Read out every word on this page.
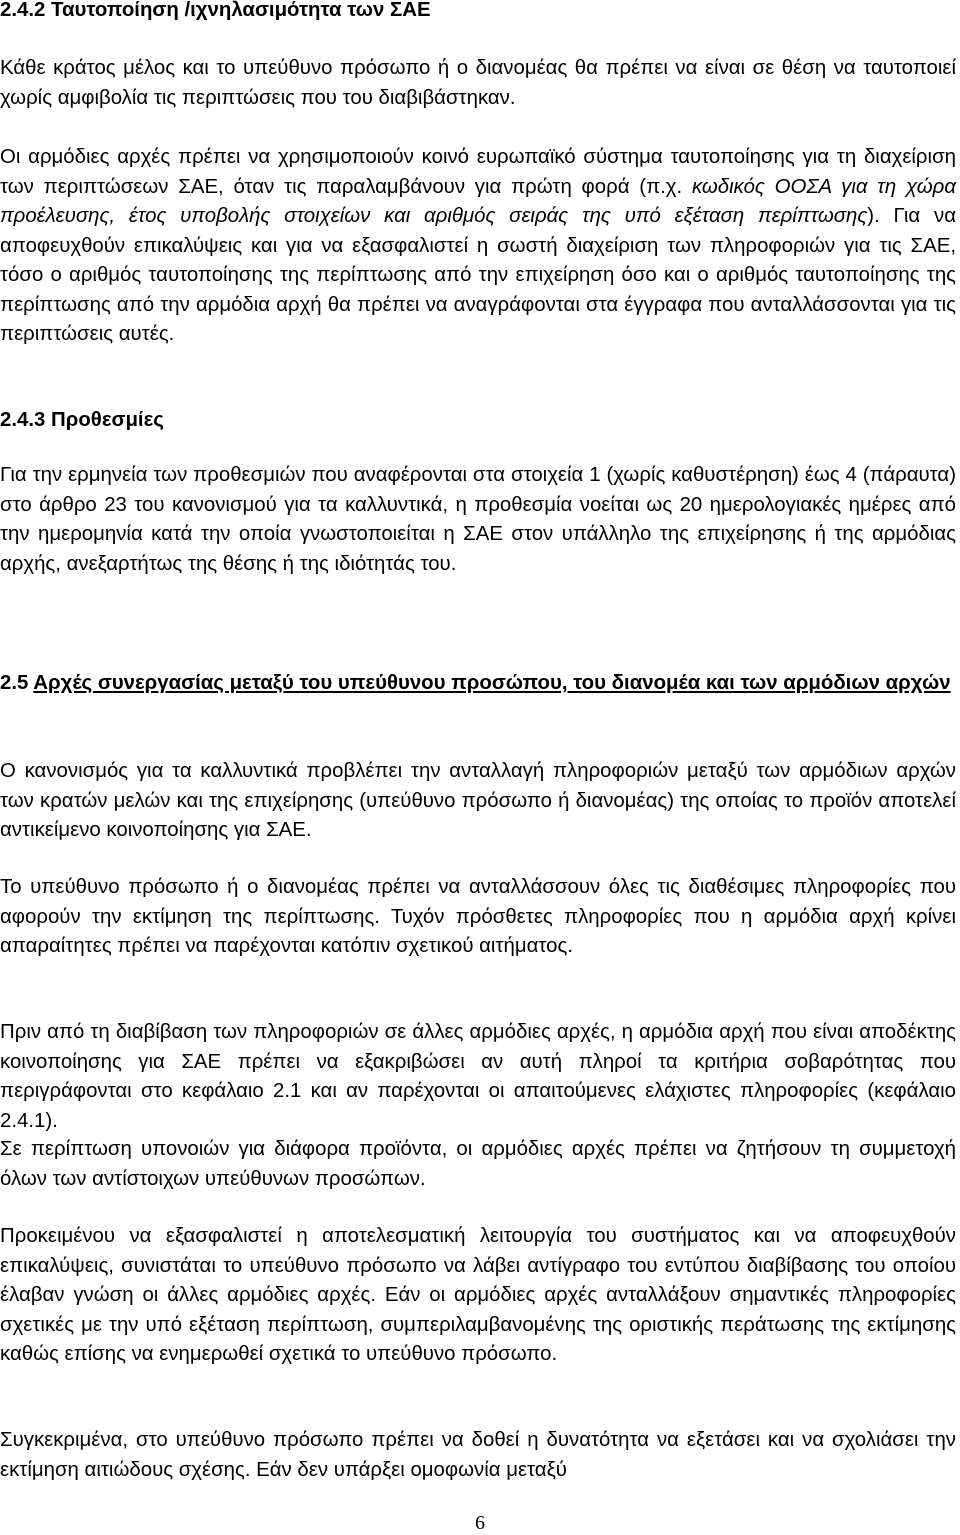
2.4.2 Ταυτοποίηση /ιχνηλασιμότητα των ΣΑΕ

Κάθε κράτος μέλος και το υπεύθυνο πρόσωπο ή ο διανομέας θα πρέπει να είναι σε θέση να ταυτοποιεί χωρίς αμφιβολία τις περιπτώσεις που του διαβιβάστηκαν.

Οι αρμόδιες αρχές πρέπει να χρησιμοποιούν κοινό ευρωπαϊκό σύστημα ταυτοποίησης για τη διαχείριση των περιπτώσεων ΣΑΕ, όταν τις παραλαμβάνουν για πρώτη φορά (π.χ. κωδικός ΟΟΣΑ για τη χώρα προέλευσης, έτος υποβολής στοιχείων και αριθμός σειράς της υπό εξέταση περίπτωσης). Για να αποφευχθούν επικαλύψεις και για να εξασφαλιστεί η σωστή διαχείριση των πληροφοριών για τις ΣΑΕ, τόσο ο αριθμός ταυτοποίησης της περίπτωσης από την επιχείρηση όσο και ο αριθμός ταυτοποίησης της περίπτωσης από την αρμόδια αρχή θα πρέπει να αναγράφονται στα έγγραφα που ανταλλάσσονται για τις περιπτώσεις αυτές.

2.4.3 Προθεσμίες

Για την ερμηνεία των προθεσμιών που αναφέρονται στα στοιχεία 1 (χωρίς καθυστέρηση) έως 4 (πάραυτα) στο άρθρο 23 του κανονισμού για τα καλλυντικά, η προθεσμία νοείται ως 20 ημερολογιακές ημέρες από την ημερομηνία κατά την οποία γνωστοποιείται η ΣΑΕ στον υπάλληλο της επιχείρησης ή της αρμόδιας αρχής, ανεξαρτήτως της θέσης ή της ιδιότητάς του.

2.5 Αρχές συνεργασίας μεταξύ του υπεύθυνου προσώπου, του διανομέα και των αρμόδιων αρχών

Ο κανονισμός για τα καλλυντικά προβλέπει την ανταλλαγή πληροφοριών μεταξύ των αρμόδιων αρχών των κρατών μελών και της επιχείρησης (υπεύθυνο πρόσωπο ή διανομέας) της οποίας το προϊόν αποτελεί αντικείμενο κοινοποίησης για ΣΑΕ.

Το υπεύθυνο πρόσωπο ή ο διανομέας πρέπει να ανταλλάσσουν όλες τις διαθέσιμες πληροφορίες που αφορούν την εκτίμηση της περίπτωσης. Τυχόν πρόσθετες πληροφορίες που η αρμόδια αρχή κρίνει απαραίτητες πρέπει να παρέχονται κατόπιν σχετικού αιτήματος.

Πριν από τη διαβίβαση των πληροφοριών σε άλλες αρμόδιες αρχές, η αρμόδια αρχή που είναι αποδέκτης κοινοποίησης για ΣΑΕ πρέπει να εξακριβώσει αν αυτή πληροί τα κριτήρια σοβαρότητας που περιγράφονται στο κεφάλαιο 2.1 και αν παρέχονται οι απαιτούμενες ελάχιστες πληροφορίες (κεφάλαιο 2.4.1).

Σε περίπτωση υπονοιών για διάφορα προϊόντα, οι αρμόδιες αρχές πρέπει να ζητήσουν τη συμμετοχή όλων των αντίστοιχων υπεύθυνων προσώπων.

Προκειμένου να εξασφαλιστεί η αποτελεσματική λειτουργία του συστήματος και να αποφευχθούν επικαλύψεις, συνιστάται το υπεύθυνο πρόσωπο να λάβει αντίγραφο του εντύπου διαβίβασης του οποίου έλαβαν γνώση οι άλλες αρμόδιες αρχές. Εάν οι αρμόδιες αρχές ανταλλάξουν σημαντικές πληροφορίες σχετικές με την υπό εξέταση περίπτωση, συμπεριλαμβανομένης της οριστικής περάτωσης της εκτίμησης καθώς επίσης να ενημερωθεί σχετικά το υπεύθυνο πρόσωπο.

Συγκεκριμένα, στο υπεύθυνο πρόσωπο πρέπει να δοθεί η δυνατότητα να εξετάσει και να σχολιάσει την εκτίμηση αιτιώδους σχέσης. Εάν δεν υπάρξει ομοφωνία μεταξύ

6
